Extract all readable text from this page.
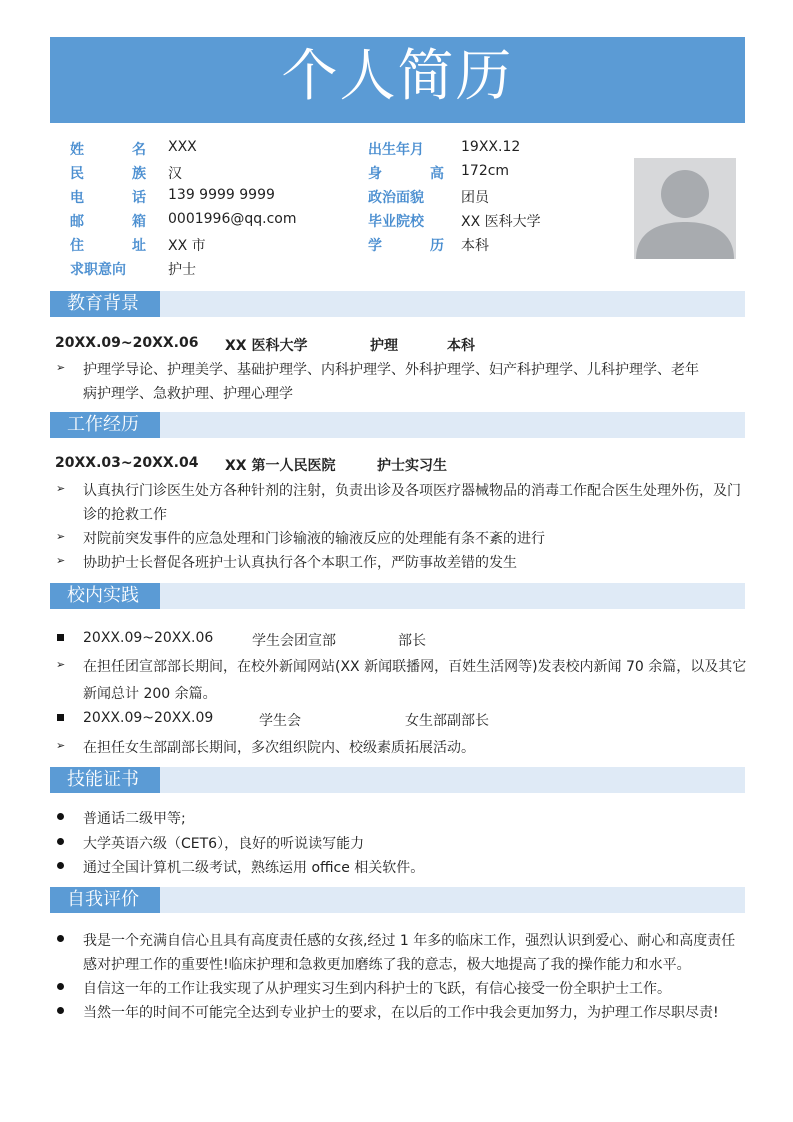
个人简历
姓　名 XXX
民　族 汉
电　话 139 9999 9999
邮　箱 0001996@qq.com
住　址 XX 市
求职意向	护士
出生年月	19XX.12
身　高 172cm
政治面貌	团员
毕业院校	XX 医科大学
学　历 本科
教育背景
20XX.09~20XX.06 XX 医科大学	护理	本科
➢ 护理学导论、护理美学、基础护理学、内科护理学、外科护理学、妇产科护理学、儿科护理学、老年
病护理学、急救护理、护理心理学
工作经历
20XX.03~20XX.04 XX 第一人民医院	护士实习生
➢ 认真执行门诊医生处方各种针剂的注射，负责出诊及各项医疗器械物品的消毒工作配合医生处理外伤，及门
诊的抢救工作
➢ 对院前突发事件的应急处理和门诊输液的输液反应的处理能有条不紊的进行
➢ 协助护士长督促各班护士认真执行各个本职工作，严防事故差错的发生
校内实践
20XX.09~20XX.06	学生会团宣部	部长
➢ 在担任团宣部部长期间，在校外新闻网站(XX 新闻联播网，百姓生活网等)发表校内新闻 70 余篇，以及其它
新闻总计 200 余篇。
20XX.09~20XX.09	学生会	女生部副部长
➢ 在担任女生部副部长期间，多次组织院内、校级素质拓展活动。
技能证书
普通话二级甲等;
大学英语六级（CET6），良好的听说读写能力
通过全国计算机二级考试，熟练运用 office 相关软件。
自我评价
我是一个充满自信心且具有高度责任感的女孩,经过 1 年多的临床工作，强烈认识到爱心、耐心和高度责任
感对护理工作的重要性!临床护理和急救更加磨练了我的意志，极大地提高了我的操作能力和水平。
自信这一年的工作让我实现了从护理实习生到内科护士的飞跃，有信心接受一份全职护士工作。
当然一年的时间不可能完全达到专业护士的要求，在以后的工作中我会更加努力，为护理工作尽职尽责!
